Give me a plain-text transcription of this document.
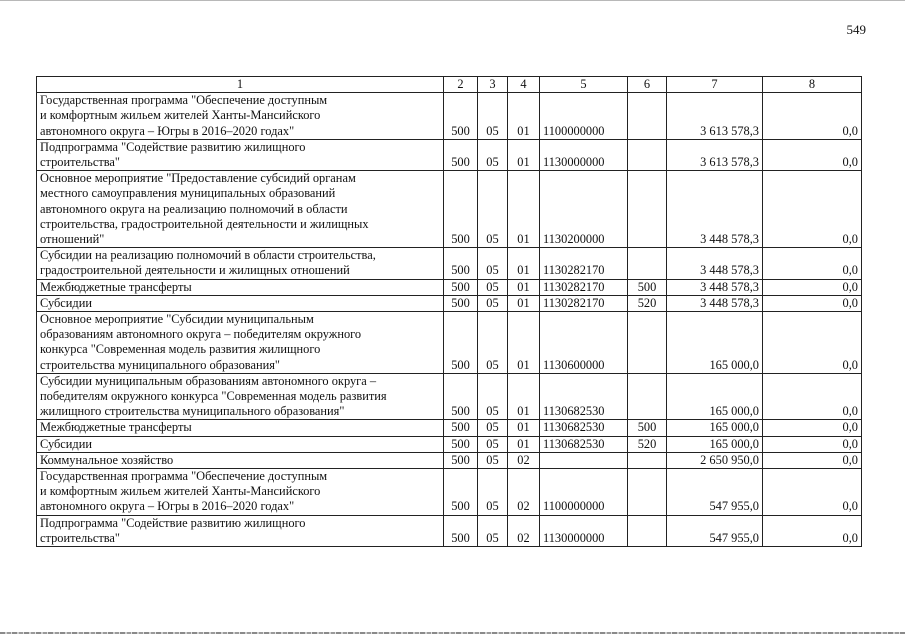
549
1	2	3	4	5	6	7	8
Государственная программа "Обеспечение доступным
и комфортным жильем жителей Ханты-Мансийского
автономного округа – Югры в 2016–2020 годах"	500	05	01	1100000000		3 613 578,3	0,0
Подпрограмма "Содействие развитию жилищного
строительства"	500	05	01	1130000000		3 613 578,3	0,0
Основное мероприятие "Предоставление субсидий органам
местного самоуправления муниципальных образований
автономного округа на реализацию полномочий в области
строительства, градостроительной деятельности и жилищных
отношений"	500	05	01	1130200000		3 448 578,3	0,0
Субсидии на реализацию полномочий в области строительства,
градостроительной деятельности и жилищных отношений	500	05	01	1130282170		3 448 578,3	0,0
Межбюджетные трансферты	500	05	01	1130282170	500	3 448 578,3	0,0
Субсидии	500	05	01	1130282170	520	3 448 578,3	0,0
Основное мероприятие "Субсидии муниципальным
образованиям автономного округа – победителям окружного
конкурса "Современная модель развития жилищного
строительства муниципального образования"	500	05	01	1130600000		165 000,0	0,0
Субсидии муниципальным образованиям автономного округа –
победителям окружного конкурса "Современная модель развития
жилищного строительства муниципального образования"	500	05	01	1130682530		165 000,0	0,0
Межбюджетные трансферты	500	05	01	1130682530	500	165 000,0	0,0
Субсидии	500	05	01	1130682530	520	165 000,0	0,0
Коммунальное хозяйство	500	05	02			2 650 950,0	0,0
Государственная программа "Обеспечение доступным
и комфортным жильем жителей Ханты-Мансийского
автономного округа – Югры в 2016–2020 годах"	500	05	02	1100000000		547 955,0	0,0
Подпрограмма "Содействие развитию жилищного
строительства"	500	05	02	1130000000		547 955,0	0,0
